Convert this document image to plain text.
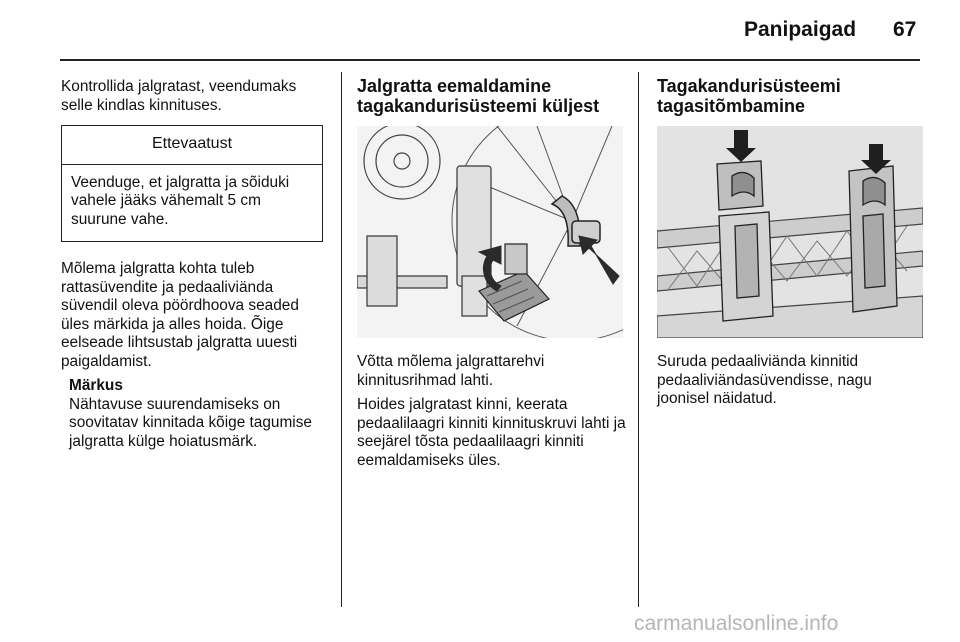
Panipaigad 67

Kontrollida jalgratast, veendumaks selle kindlas kinnituses.

Ettevaatust
Veenduge, et jalgratta ja sõiduki vahele jääks vähemalt 5 cm suurune vahe.

Mõlema jalgratta kohta tuleb rattasüvendite ja pedaaliviända süvendil oleva pöördhoova seaded üles märkida ja alles hoida. Õige eelseade lihtsustab jalgratta uuesti paigaldamist.

Märkus
Nähtavuse suurendamiseks on soovitatav kinnitada kõige tagumise jalgratta külge hoiatusmärk.
Jalgratta eemaldamine tagakandurisüsteemi küljest

Võtta mõlema jalgrattarehvi kinnitusrihmad lahti.

Hoides jalgratast kinni, keerata pedaalilaagri kinniti kinnituskruvi lahti ja seejärel tõsta pedaalilaagri kinniti eemaldamiseks üles.

Tagakandurisüsteemi tagasitõmbamine

Suruda pedaaliviända kinnitid pedaaliviändasüvendisse, nagu joonisel näidatud.

carmanualsonline.info
